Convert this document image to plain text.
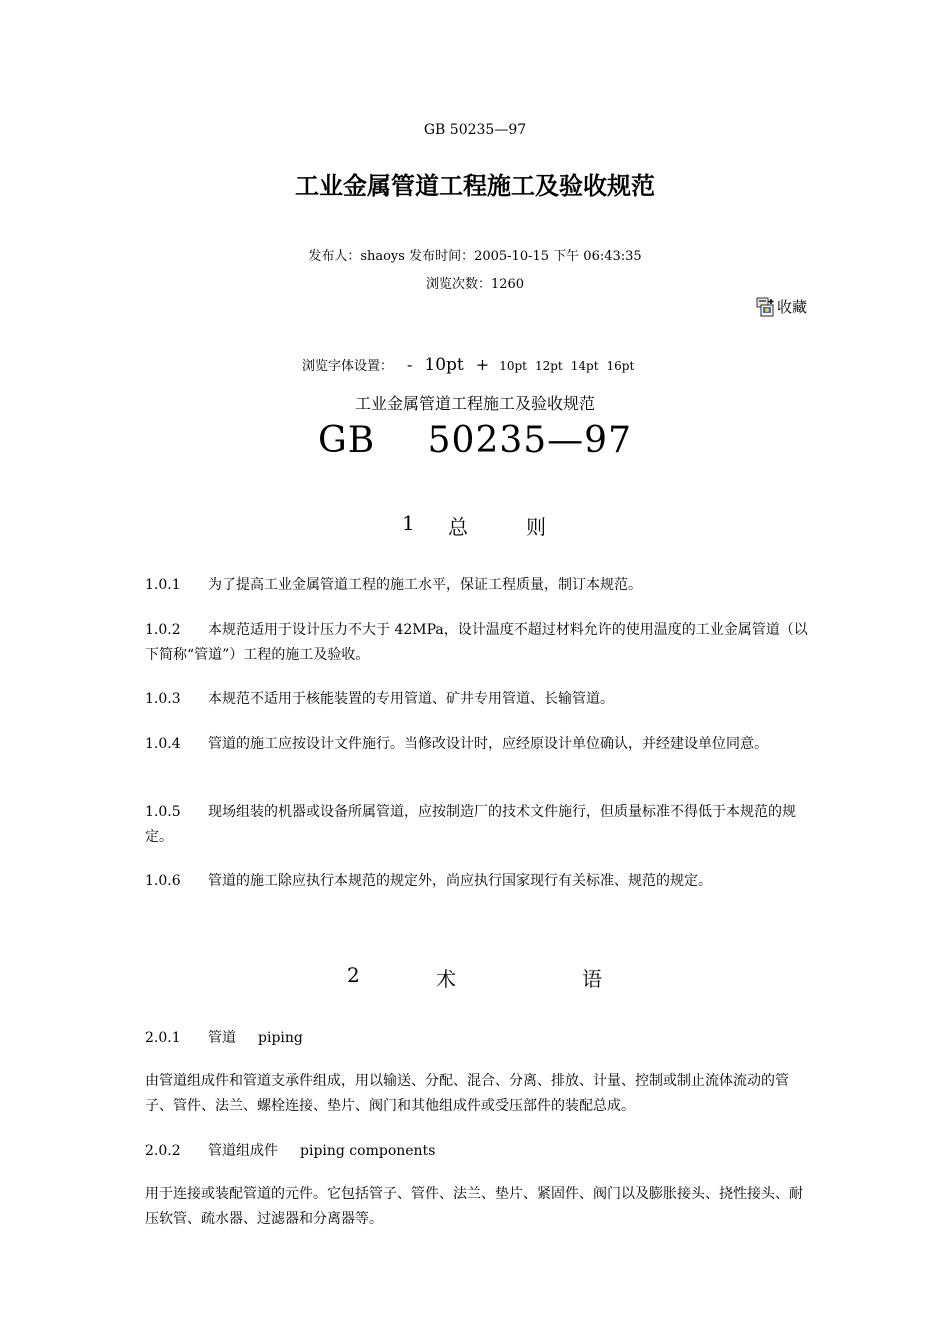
GB 50235—97
工业金属管道工程施工及验收规范
发布人：shaoys 发布时间：2005-10-15 下午 06:43:35
浏览次数：1260
收藏
浏览字体设置： - 10pt + 10pt 12pt 14pt 16pt
工业金属管道工程施工及验收规范
GB 50235—97
1 总	则
1.0.1 为了提高工业金属管道工程的施工水平，保证工程质量，制订本规范。
1.0.2 本规范适用于设计压力不大于 42MPa，设计温度不超过材料允许的使用温度的工业金属管道（以下简称“管道”）工程的施工及验收。
1.0.3 本规范不适用于核能装置的专用管道、矿井专用管道、长输管道。
1.0.4 管道的施工应按设计文件施行。当修改设计时，应经原设计单位确认，并经建设单位同意。
1.0.5 现场组装的机器或设备所属管道，应按制造厂的技术文件施行，但质量标准不得低于本规范的规定。
1.0.6 管道的施工除应执行本规范的规定外，尚应执行国家现行有关标准、规范的规定。
2	术	语
2.0.1 管道 piping
由管道组成件和管道支承件组成，用以输送、分配、混合、分离、排放、计量、控制或制止流体流动的管子、管件、法兰、螺栓连接、垫片、阀门和其他组成件或受压部件的装配总成。
2.0.2 管道组成件 piping components
用于连接或装配管道的元件。它包括管子、管件、法兰、垫片、紧固件、阀门以及膨胀接头、挠性接头、耐压软管、疏水器、过滤器和分离器等。
